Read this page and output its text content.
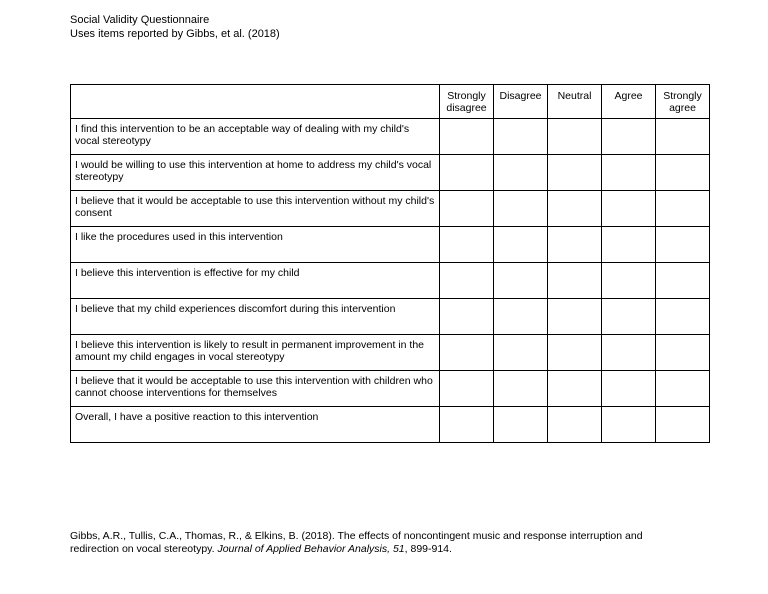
Social Validity Questionnaire
Uses items reported by Gibbs, et al. (2018)
	Strongly disagree	Disagree	Neutral	Agree	Strongly agree
I find this intervention to be an acceptable way of dealing with my child's vocal stereotypy					
I would be willing to use this intervention at home to address my child's vocal stereotypy					
I believe that it would be acceptable to use this intervention without my child's consent					
I like the procedures used in this intervention					
I believe this intervention is effective for my child					
I believe that my child experiences discomfort during this intervention					
I believe this intervention is likely to result in permanent improvement in the amount my child engages in vocal stereotypy					
I believe that it would be acceptable to use this intervention with children who cannot choose interventions for themselves					
Overall, I have a positive reaction to this intervention					
Gibbs, A.R., Tullis, C.A., Thomas, R., & Elkins, B. (2018). The effects of noncontingent music and response interruption and redirection on vocal stereotypy. Journal of Applied Behavior Analysis, 51, 899-914.
